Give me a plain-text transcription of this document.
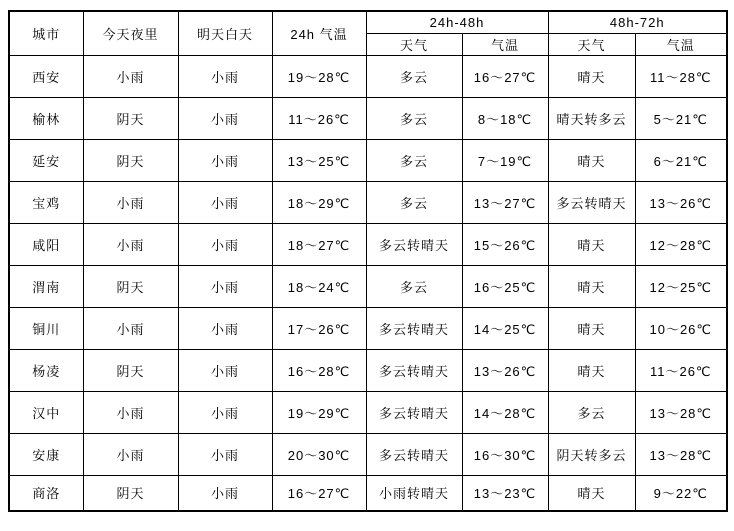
城市	今天夜里	明天白天	24h 气温	24h-48h		48h-72h	
				天气	气温	天气	气温
西安	小雨	小雨	19～28℃	多云	16～27℃	晴天	11～28℃
榆林	阴天	小雨	11～26℃	多云	8～18℃	晴天转多云	5～21℃
延安	阴天	小雨	13～25℃	多云	7～19℃	晴天	6～21℃
宝鸡	小雨	小雨	18～29℃	多云	13～27℃	多云转晴天	13～26℃
咸阳	小雨	小雨	18～27℃	多云转晴天	15～26℃	晴天	12～28℃
渭南	阴天	小雨	18～24℃	多云	16～25℃	晴天	12～25℃
铜川	小雨	小雨	17～26℃	多云转晴天	14～25℃	晴天	10～26℃
杨凌	阴天	小雨	16～28℃	多云转晴天	13～26℃	晴天	11～26℃
汉中	小雨	小雨	19～29℃	多云转晴天	14～28℃	多云	13～28℃
安康	小雨	小雨	20～30℃	多云转晴天	16～30℃	阴天转多云	13～28℃
商洛	阴天	小雨	16～27℃	小雨转晴天	13～23℃	晴天	9～22℃
